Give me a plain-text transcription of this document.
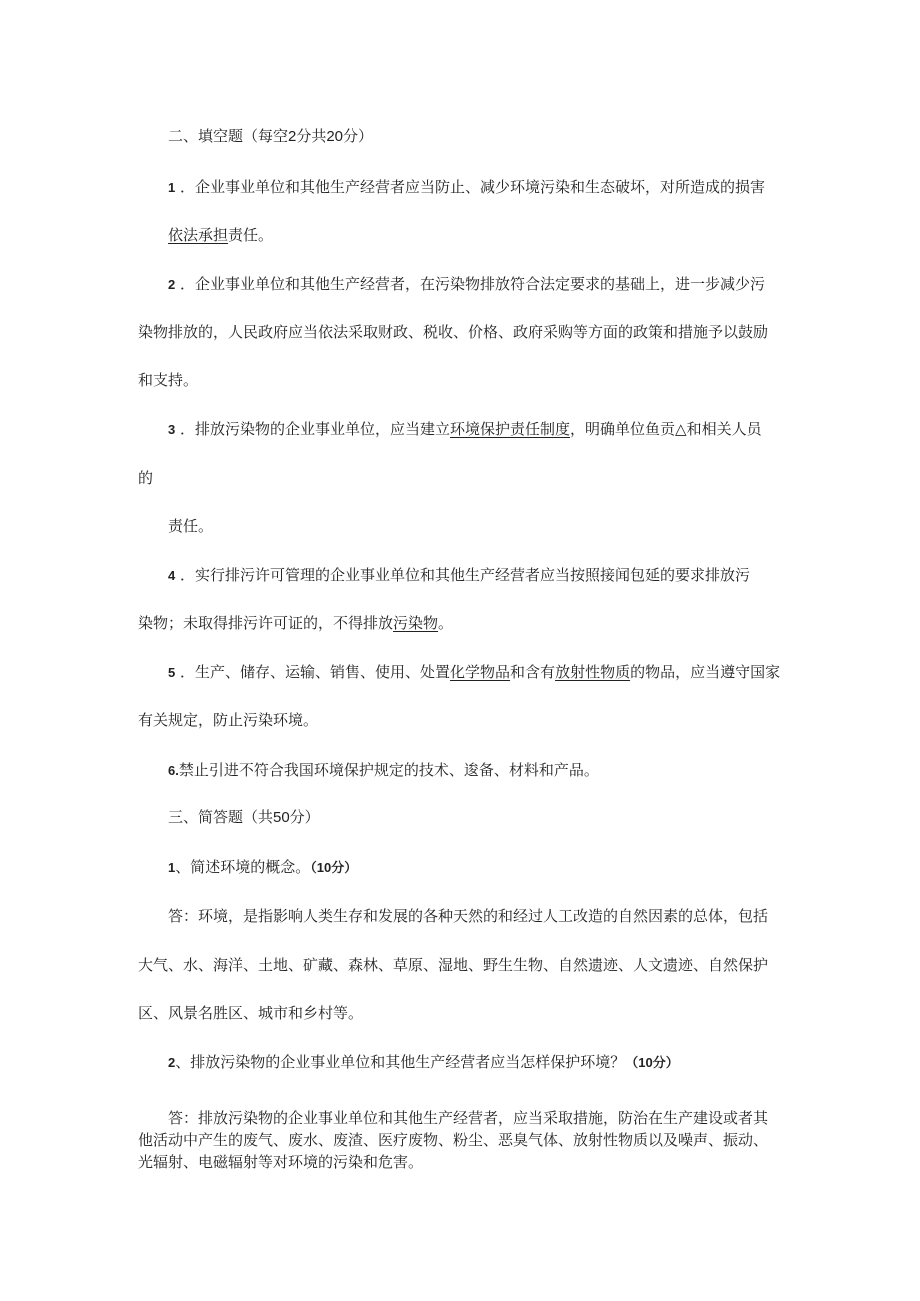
二、填空题（每空2分共20分）
1 ．企业事业单位和其他生产经营者应当防止、减少环境污染和生态破坏，对所造成的损害
依法承担责任。
2 ．企业事业单位和其他生产经营者，在污染物排放符合法定要求的基础上，进一步减少污
染物排放的，人民政府应当依法采取财政、税收、价格、政府采购等方面的政策和措施予以鼓励
和支持。
3 ．排放污染物的企业事业单位，应当建立环境保护责任制度，明确单位鱼贡△和相关人员
的
责任。
4 ．实行排污许可管理的企业事业单位和其他生产经营者应当按照接闻包延的要求排放污
染物；未取得排污许可证的，不得排放污染物。
5 ．生产、储存、运输、销售、使用、处置化学物品和含有放射性物质的物品，应当遵守国家
有关规定，防止污染环境。
6.禁止引进不符合我国环境保护规定的技术、逡备、材料和产品。
三、简答题（共50分）
1、简述环境的概念。（10分）
答：环境，是指影响人类生存和发展的各种天然的和经过人工改造的自然因素的总体，包括
大气、水、海洋、土地、矿藏、森林、草原、湿地、野生生物、自然遗迹、人文遗迹、自然保护
区、风景名胜区、城市和乡村等。
2、排放污染物的企业事业单位和其他生产经营者应当怎样保护环境？（10分）
答：排放污染物的企业事业单位和其他生产经营者，应当采取措施，防治在生产建设或者其
他活动中产生的废气、废水、废渣、医疗废物、粉尘、恶臭气体、放射性物质以及噪声、振动、
光辐射、电磁辐射等对环境的污染和危害。
